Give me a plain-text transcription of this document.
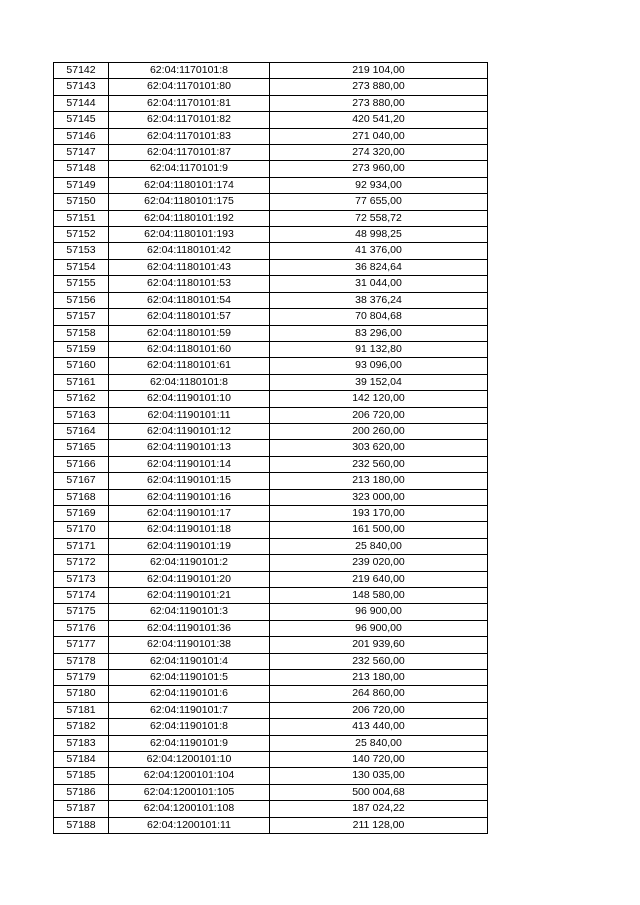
57142	62:04:1170101:8	219 104,00
57143	62:04:1170101:80	273 880,00
57144	62:04:1170101:81	273 880,00
57145	62:04:1170101:82	420 541,20
57146	62:04:1170101:83	271 040,00
57147	62:04:1170101:87	274 320,00
57148	62:04:1170101:9	273 960,00
57149	62:04:1180101:174	92 934,00
57150	62:04:1180101:175	77 655,00
57151	62:04:1180101:192	72 558,72
57152	62:04:1180101:193	48 998,25
57153	62:04:1180101:42	41 376,00
57154	62:04:1180101:43	36 824,64
57155	62:04:1180101:53	31 044,00
57156	62:04:1180101:54	38 376,24
57157	62:04:1180101:57	70 804,68
57158	62:04:1180101:59	83 296,00
57159	62:04:1180101:60	91 132,80
57160	62:04:1180101:61	93 096,00
57161	62:04:1180101:8	39 152,04
57162	62:04:1190101:10	142 120,00
57163	62:04:1190101:11	206 720,00
57164	62:04:1190101:12	200 260,00
57165	62:04:1190101:13	303 620,00
57166	62:04:1190101:14	232 560,00
57167	62:04:1190101:15	213 180,00
57168	62:04:1190101:16	323 000,00
57169	62:04:1190101:17	193 170,00
57170	62:04:1190101:18	161 500,00
57171	62:04:1190101:19	25 840,00
57172	62:04:1190101:2	239 020,00
57173	62:04:1190101:20	219 640,00
57174	62:04:1190101:21	148 580,00
57175	62:04:1190101:3	96 900,00
57176	62:04:1190101:36	96 900,00
57177	62:04:1190101:38	201 939,60
57178	62:04:1190101:4	232 560,00
57179	62:04:1190101:5	213 180,00
57180	62:04:1190101:6	264 860,00
57181	62:04:1190101:7	206 720,00
57182	62:04:1190101:8	413 440,00
57183	62:04:1190101:9	25 840,00
57184	62:04:1200101:10	140 720,00
57185	62:04:1200101:104	130 035,00
57186	62:04:1200101:105	500 004,68
57187	62:04:1200101:108	187 024,22
57188	62:04:1200101:11	211 128,00
